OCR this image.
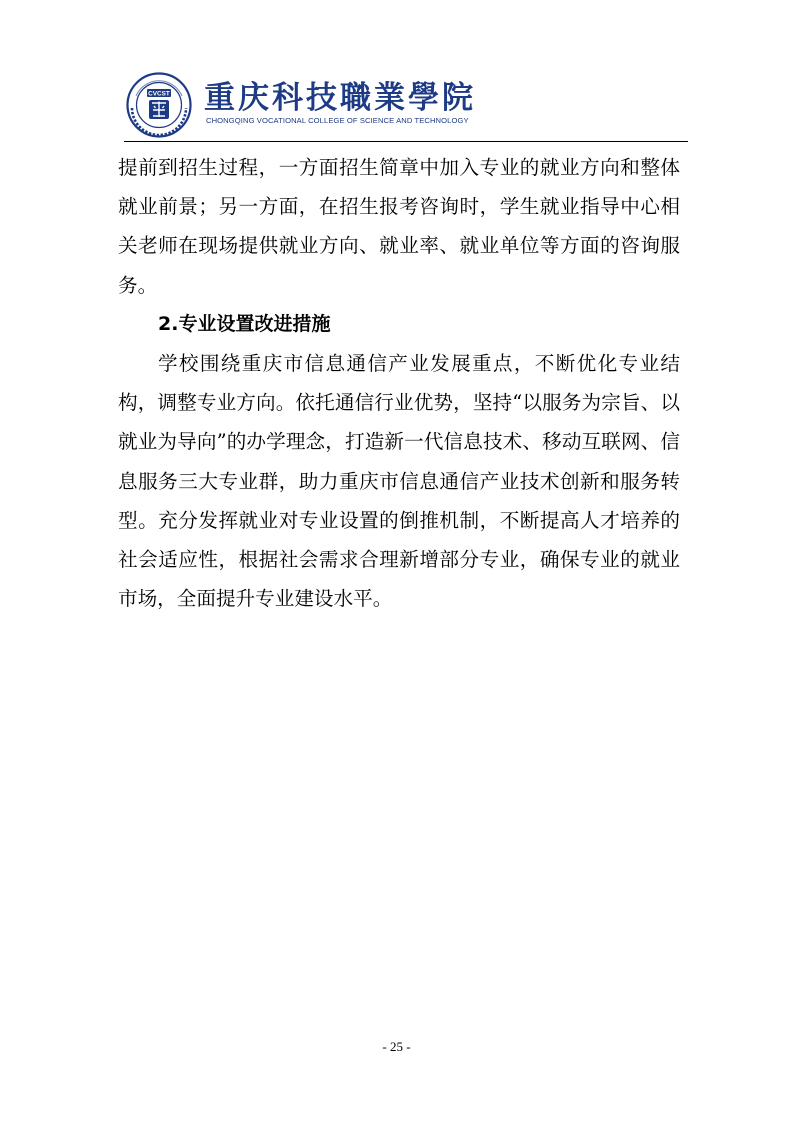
CVCST 重庆科技職業學院
CHONGQING VOCATIONAL COLLEGE OF SCIENCE AND TECHNOLOGY

提前到招生过程，一方面招生简章中加入专业的就业方向和整体就业前景；另一方面，在招生报考咨询时，学生就业指导中心相关老师在现场提供就业方向、就业率、就业单位等方面的咨询服务。

2.专业设置改进措施

学校围绕重庆市信息通信产业发展重点，不断优化专业结构，调整专业方向。依托通信行业优势，坚持“以服务为宗旨、以就业为导向”的办学理念，打造新一代信息技术、移动互联网、信息服务三大专业群，助力重庆市信息通信产业技术创新和服务转型。充分发挥就业对专业设置的倒推机制，不断提高人才培养的社会适应性，根据社会需求合理新增部分专业，确保专业的就业市场，全面提升专业建设水平。

- 25 -
